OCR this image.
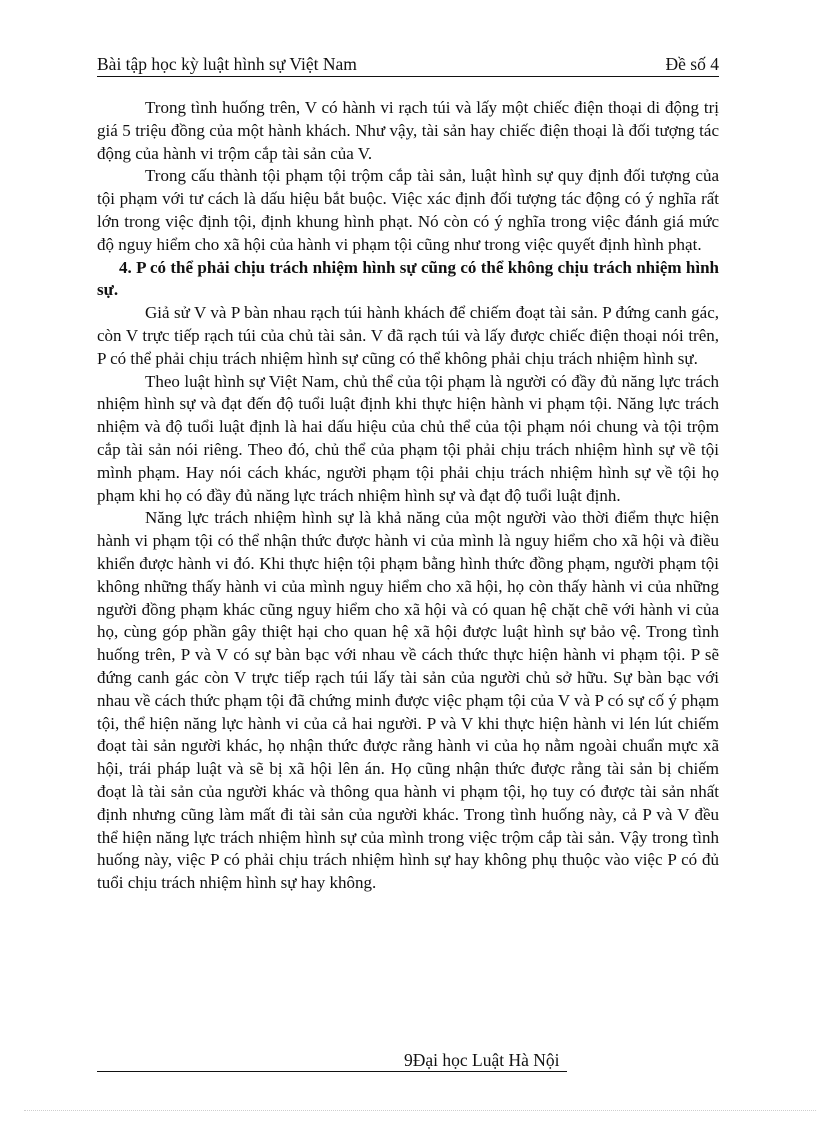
Bài tập học kỳ luật hình sự Việt Nam	Đề số 4

Trong tình huống trên, V có hành vi rạch túi và lấy một chiếc điện thoại di động trị giá 5 triệu đồng của một hành khách. Như vậy, tài sản hay chiếc điện thoại là đối tượng tác động của hành vi trộm cắp tài sản của V.

Trong cấu thành tội phạm tội trộm cắp tài sản, luật hình sự quy định đối tượng của tội phạm với tư cách là dấu hiệu bắt buộc. Việc xác định đối tượng tác động có ý nghĩa rất lớn trong việc định tội, định khung hình phạt. Nó còn có ý nghĩa trong việc đánh giá mức độ nguy hiểm cho xã hội của hành vi phạm tội cũng như trong việc quyết định hình phạt.

4. P có thể phải chịu trách nhiệm hình sự cũng có thể không chịu trách nhiệm hình sự.

Giả sử V và P bàn nhau rạch túi hành khách để chiếm đoạt tài sản. P đứng canh gác, còn V trực tiếp rạch túi của chủ tài sản. V đã rạch túi và lấy được chiếc điện thoại nói trên, P có thể phải chịu trách nhiệm hình sự cũng có thể không phải chịu trách nhiệm hình sự.

Theo luật hình sự Việt Nam, chủ thể của tội phạm là người có đầy đủ năng lực trách nhiệm hình sự và đạt đến độ tuổi luật định khi thực hiện hành vi phạm tội. Năng lực trách nhiệm và độ tuổi luật định là hai dấu hiệu của chủ thể của tội phạm nói chung và tội trộm cắp tài sản nói riêng. Theo đó, chủ thể của phạm tội phải chịu trách nhiệm hình sự về tội mình phạm. Hay nói cách khác, người phạm tội phải chịu trách nhiệm hình sự về tội họ phạm khi họ có đầy đủ năng lực trách nhiệm hình sự và đạt độ tuổi luật định.

Năng lực trách nhiệm hình sự là khả năng của một người vào thời điểm thực hiện hành vi phạm tội có thể nhận thức được hành vi của mình là nguy hiểm cho xã hội và điều khiển được hành vi đó. Khi thực hiện tội phạm bằng hình thức đồng phạm, người phạm tội không những thấy hành vi của mình nguy hiểm cho xã hội, họ còn thấy hành vi của những người đồng phạm khác cũng nguy hiểm cho xã hội và có quan hệ chặt chẽ với hành vi của họ, cùng góp phần gây thiệt hại cho quan hệ xã hội được luật hình sự bảo vệ. Trong tình huống trên, P và V có sự bàn bạc với nhau về cách thức thực hiện hành vi phạm tội. P sẽ đứng canh gác còn V trực tiếp rạch túi lấy tài sản của người chủ sở hữu. Sự bàn bạc với nhau về cách thức phạm tội đã chứng minh được việc phạm tội của V và P có sự cố ý phạm tội, thể hiện năng lực hành vi của cả hai người. P và V khi thực hiện hành vi lén lút chiếm đoạt tài sản người khác, họ nhận thức được rằng hành vi của họ nằm ngoài chuẩn mực xã hội, trái pháp luật và sẽ bị xã hội lên án. Họ cũng nhận thức được rằng tài sản bị chiếm đoạt là tài sản của người khác và thông qua hành vi phạm tội, họ tuy có được tài sản nhất định nhưng cũng làm mất đi tài sản của người khác. Trong tình huống này, cả P và V đều thể hiện năng lực trách nhiệm hình sự của mình trong việc trộm cắp tài sản. Vậy trong tình huống này, việc P có phải chịu trách nhiệm hình sự hay không phụ thuộc vào việc P có đủ tuổi chịu trách nhiệm hình sự hay không.

9Đại học Luật Hà Nội
